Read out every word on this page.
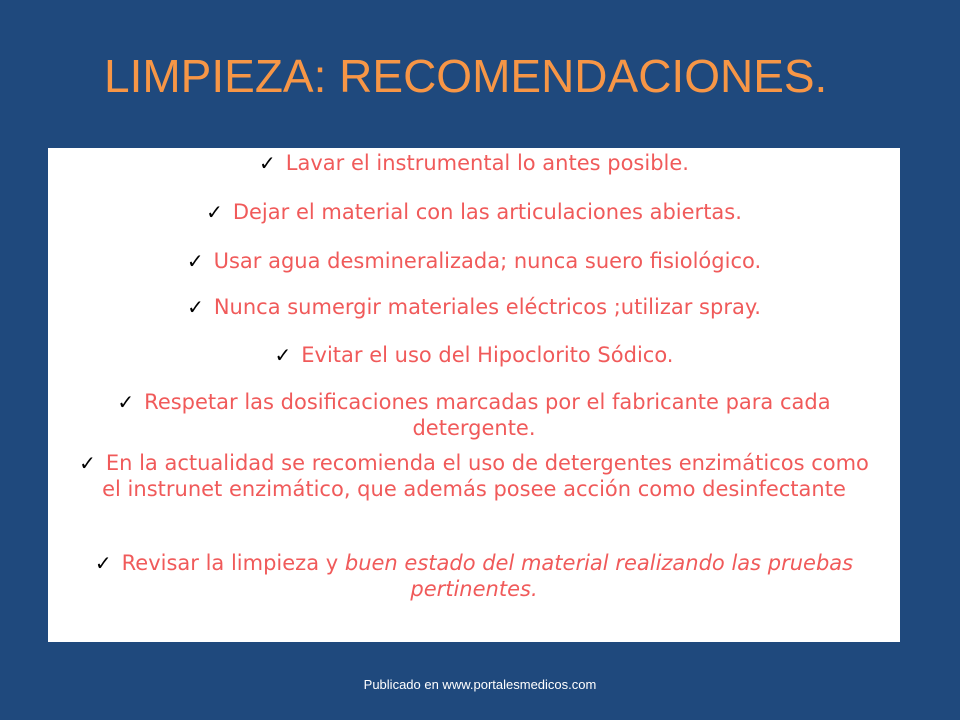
LIMPIEZA: RECOMENDACIONES.
✓ Lavar el instrumental lo antes posible.
✓ Dejar el material con las articulaciones abiertas.
✓ Usar agua desmineralizada; nunca suero fisiológico.
✓ Nunca sumergir materiales eléctricos ;utilizar spray.
✓ Evitar el uso del Hipoclorito Sódico.
✓ Respetar las dosificaciones marcadas por el fabricante para cada detergente.
✓ En la actualidad se recomienda el uso de detergentes enzimáticos como el instrunet enzimático, que además posee acción como desinfectante
✓ Revisar la limpieza y buen estado del material realizando las pruebas pertinentes.
Publicado en www.portalesmedicos.com
